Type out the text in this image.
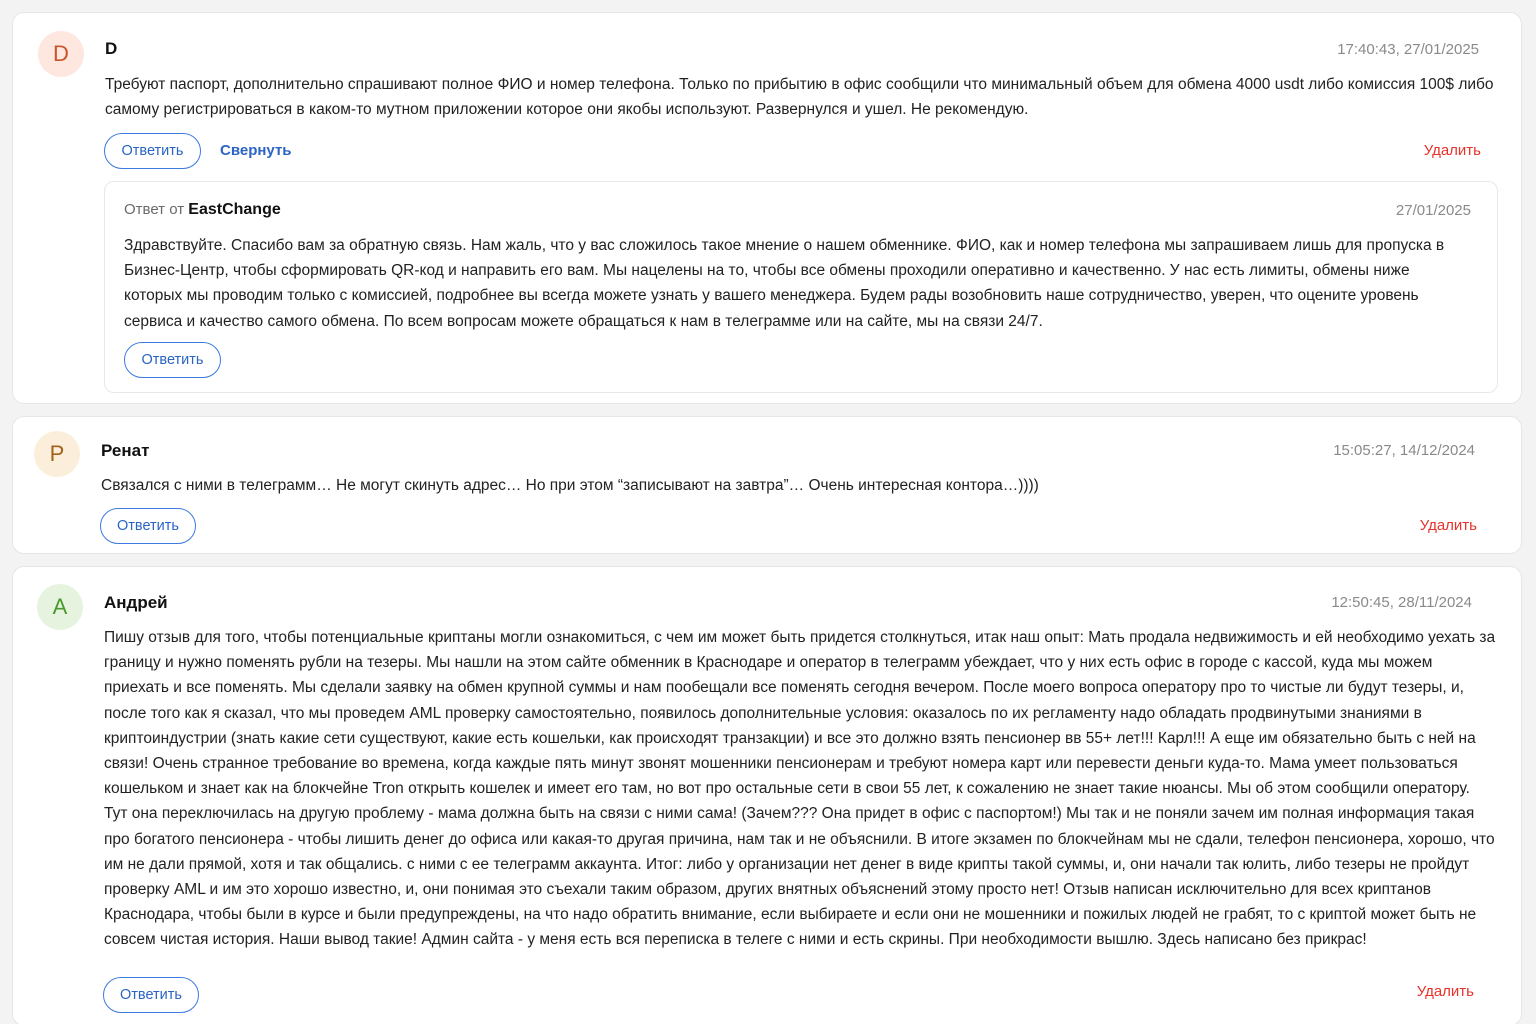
D D	17:40:43, 27/01/2025
Требуют паспорт, дополнительно спрашивают полное ФИО и номер телефона. Только по прибытию в офис сообщили что минимальный объем для обмена 4000 usdt либо комиссия 100$ либо самому регистрироваться в каком-то мутном приложении которое они якобы используют. Развернулся и ушел. Не рекомендую.
Ответить	Свернуть	Удалить
Ответ от EastChange	27/01/2025
Здравствуйте. Спасибо вам за обратную связь. Нам жаль, что у вас сложилось такое мнение о нашем обменнике. ФИО, как и номер телефона мы запрашиваем лишь для пропуска в Бизнес-Центр, чтобы сформировать QR-код и направить его вам. Мы нацелены на то, чтобы все обмены проходили оперативно и качественно. У нас есть лимиты, обмены ниже которых мы проводим только с комиссией, подробнее вы всегда можете узнать у вашего менеджера. Будем рады возобновить наше сотрудничество, уверен, что оцените уровень сервиса и качество самого обмена. По всем вопросам можете обращаться к нам в телеграмме или на сайте, мы на связи 24/7.
Ответить
Р Ренат	15:05:27, 14/12/2024
Связался с ними в телеграмм… Не могут скинуть адрес… Но при этом “записывают на завтра”… Очень интересная контора…))))
Ответить	Удалить
А Андрей	12:50:45, 28/11/2024
Пишу отзыв для того, чтобы потенциальные криптаны могли ознакомиться, с чем им может быть придется столкнуться, итак наш опыт: Мать продала недвижимость и ей необходимо уехать за границу и нужно поменять рубли на тезеры. Мы нашли на этом сайте обменник в Краснодаре и оператор в телеграмм убеждает, что у них есть офис в городе с кассой, куда мы можем приехать и все поменять. Мы сделали заявку на обмен крупной суммы и нам пообещали все поменять сегодня вечером. После моего вопроса оператору про то чистые ли будут тезеры, и, после того как я сказал, что мы проведем AML проверку самостоятельно, появилось дополнительные условия: оказалось по их регламенту надо обладать продвинутыми знаниями в криптоиндустрии (знать какие сети существуют, какие есть кошельки, как происходят транзакции) и все это должно взять пенсионер вв 55+ лет!!! Карл!!! А еще им обязательно быть с ней на связи! Очень странное требование во времена, когда каждые пять минут звонят мошенники пенсионерам и требуют номера карт или перевести деньги куда-то. Мама умеет пользоваться кошельком и знает как на блокчейне Tron открыть кошелек и имеет его там, но вот про остальные сети в свои 55 лет, к сожалению не знает такие нюансы. Мы об этом сообщили оператору. Тут она переключилась на другую проблему - мама должна быть на связи с ними сама! (Зачем??? Она придет в офис с паспортом!) Мы так и не поняли зачем им полная информация такая про богатого пенсионера - чтобы лишить денег до офиса или какая-то другая причина, нам так и не объяснили. В итоге экзамен по блокчейнам мы не сдали, телефон пенсионера, хорошо, что им не дали прямой, хотя и так общались. с ними с ее телеграмм аккаунта. Итог: либо у организации нет денег в виде крипты такой суммы, и, они начали так юлить, либо тезеры не пройдут проверку AML и им это хорошо известно, и, они понимая это съехали таким образом, других внятных объяснений этому просто нет! Отзыв написан исключительно для всех криптанов Краснодара, чтобы были в курсе и были предупреждены, на что надо обратить внимание, если выбираете и если они не мошенники и пожилых людей не грабят, то с криптой может быть не совсем чистая история. Наши вывод такие! Админ сайта - у меня есть вся переписка в телеге с ними и есть скрины. При необходимости вышлю. Здесь написано без прикрас!
Ответить	Удалить
